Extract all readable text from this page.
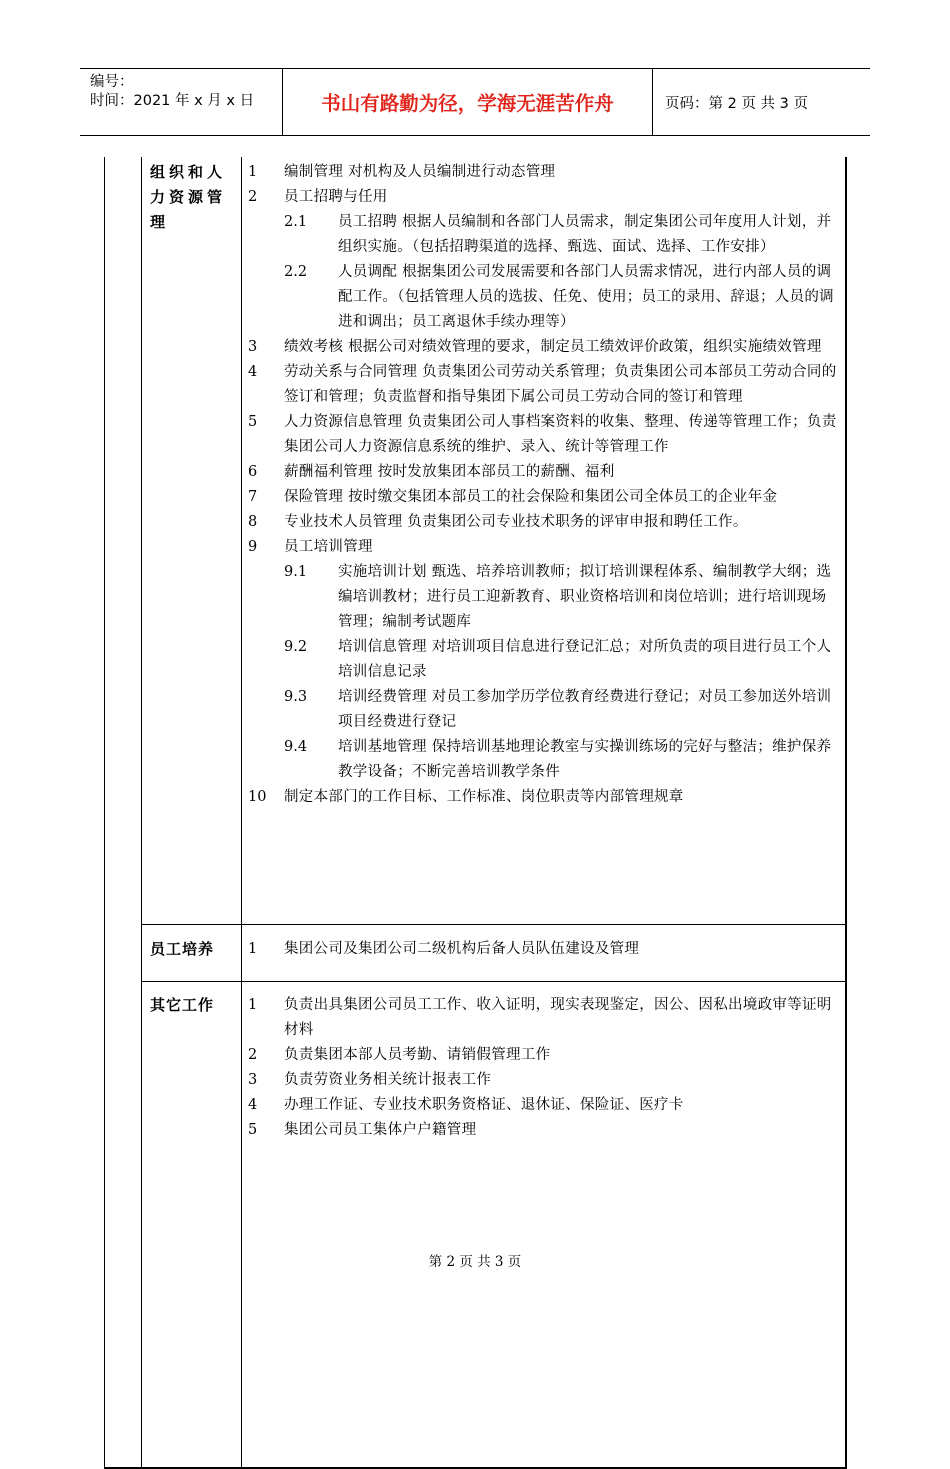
编号：
时间：2021 年 x 月 x 日	书山有路勤为径，学海无涯苦作舟	页码：第 2 页 共 3 页
组织和人力资源管理
1	编制管理 对机构及人员编制进行动态管理
2	员工招聘与任用
2.1	员工招聘 根据人员编制和各部门人员需求，制定集团公司年度用人计划，并组织实施。（包括招聘渠道的选择、甄选、面试、选择、工作安排）
2.2	人员调配 根据集团公司发展需要和各部门人员需求情况，进行内部人员的调配工作。（包括管理人员的选拔、任免、使用；员工的录用、辞退；人员的调进和调出；员工离退休手续办理等）
3	绩效考核 根据公司对绩效管理的要求，制定员工绩效评价政策，组织实施绩效管理
4	劳动关系与合同管理 负责集团公司劳动关系管理；负责集团公司本部员工劳动合同的签订和管理；负责监督和指导集团下属公司员工劳动合同的签订和管理
5	人力资源信息管理 负责集团公司人事档案资料的收集、整理、传递等管理工作；负责集团公司人力资源信息系统的维护、录入、统计等管理工作
6	薪酬福利管理 按时发放集团本部员工的薪酬、福利
7	保险管理 按时缴交集团本部员工的社会保险和集团公司全体员工的企业年金
8	专业技术人员管理 负责集团公司专业技术职务的评审申报和聘任工作。
9	员工培训管理
9.1	实施培训计划 甄选、培养培训教师；拟订培训课程体系、编制教学大纲；选编培训教材；进行员工迎新教育、职业资格培训和岗位培训；进行培训现场管理；编制考试题库
9.2	培训信息管理 对培训项目信息进行登记汇总；对所负责的项目进行员工个人培训信息记录
9.3	培训经费管理 对员工参加学历学位教育经费进行登记；对员工参加送外培训项目经费进行登记
9.4	培训基地管理 保持培训基地理论教室与实操训练场的完好与整洁；维护保养教学设备；不断完善培训教学条件
10	制定本部门的工作目标、工作标准、岗位职责等内部管理规章
员工培养	1	集团公司及集团公司二级机构后备人员队伍建设及管理
其它工作	1	负责出具集团公司员工工作、收入证明，现实表现鉴定，因公、因私出境政审等证明材料
2	负责集团本部人员考勤、请销假管理工作
3	负责劳资业务相关统计报表工作
4	办理工作证、专业技术职务资格证、退休证、保险证、医疗卡
5	集团公司员工集体户户籍管理
第 2 页 共 3 页
